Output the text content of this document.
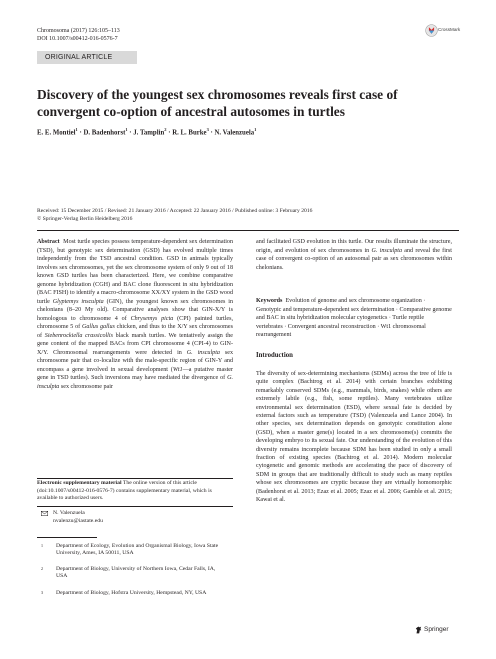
Chromosoma (2017) 126:105–113
DOI 10.1007/s00412-016-0576-7
CrossMark
ORIGINAL ARTICLE
Discovery of the youngest sex chromosomes reveals first case of convergent co-option of ancestral autosomes in turtles
E. E. Montiel$^1$ · D. Badenhorst$^1$ · J. Tamplin$^2$ · R. L. Burke$^3$ · N. Valenzuela$^1$
Received: 15 December 2015 / Revised: 21 January 2016 / Accepted: 22 January 2016 / Published online: 3 February 2016
© Springer-Verlag Berlin Heidelberg 2016

Abstract Most turtle species possess temperature-dependent sex determination (TSD), but genotypic sex determination (GSD) has evolved multiple times independently from the TSD ancestral condition. GSD in animals typically involves sex chromosomes, yet the sex chromosome system of only 9 out of 18 known GSD turtles has been characterized. Here, we combine comparative genome hybridization (CGH) and BAC clone fluorescent in situ hybridization (BAC FISH) to identify a macro-chromosome XX/XY system in the GSD wood turtle Glyptemys insculpta (GIN), the youngest known sex chromosomes in chelonians (8–20 My old). Comparative analyses show that GIN-X/Y is homologous to chromosome 4 of Chrysemys picta (CPI) painted turtles, chromosome 5 of Gallus gallus chicken, and thus to the X/Y sex chromosomes of Siebenrockiella crassicollis black marsh turtles. We tentatively assign the gene content of the mapped BACs from CPI chromosome 4 (CPI-4) to GIN-X/Y. Chromosomal rearrangements were detected in G. insculpta sex chromosome pair that co-localize with the male-specific region of GIN-Y and encompass a gene involved in sexual development (Wt1—a putative master gene in TSD turtles). Such inversions may have mediated the divergence of G. insculpta sex chromosome pair

and facilitated GSD evolution in this turtle. Our results illuminate the structure, origin, and evolution of sex chromosomes in G. insculpta and reveal the first case of convergent co-option of an autosomal pair as sex chromosomes within chelonians.

Keywords Evolution of genome and sex chromosome organization · Genotypic and temperature-dependent sex determination · Comparative genome and BAC in situ hybridization molecular cytogenetics · Turtle reptile vertebrates · Convergent ancestral reconstruction · Wt1 chromosomal rearrangement
Electronic supplementary material The online version of this article (doi:10.1007/s00412-016-0576-7) contains supplementary material, which is available to authorized users.
N. Valenzuela
nvalenzu@iastate.edu
1 Department of Ecology, Evolution and Organismal Biology, Iowa State University, Ames, IA 50011, USA
2 Department of Biology, University of Northern Iowa, Cedar Falls, IA, USA
3 Department of Biology, Hofstra University, Hempstead, NY, USA
Introduction
The diversity of sex-determining mechanisms (SDMs) across the tree of life is quite complex (Bachtrog et al. 2014) with certain branches exhibiting remarkably conserved SDMs (e.g., mammals, birds, snakes) while others are extremely labile (e.g., fish, some reptiles). Many vertebrates utilize environmental sex determination (ESD), where sexual fate is decided by external factors such as temperature (TSD) (Valenzuela and Lance 2004). In other species, sex determination depends on genotypic constitution alone (GSD), when a master gene(s) located in a sex chromosome(s) commits the developing embryo to its sexual fate. Our understanding of the evolution of this diversity remains incomplete because SDM has been studied in only a small fraction of existing species (Bachtrog et al. 2014). Modern molecular cytogenetic and genomic methods are accelerating the pace of discovery of SDM in groups that are traditionally difficult to study such as many reptiles whose sex chromosomes are cryptic because they are virtually homomorphic (Badenhorst et al. 2013; Ezaz et al. 2005; Ezaz et al. 2006; Gamble et al. 2015; Kawai et al.
Springer
